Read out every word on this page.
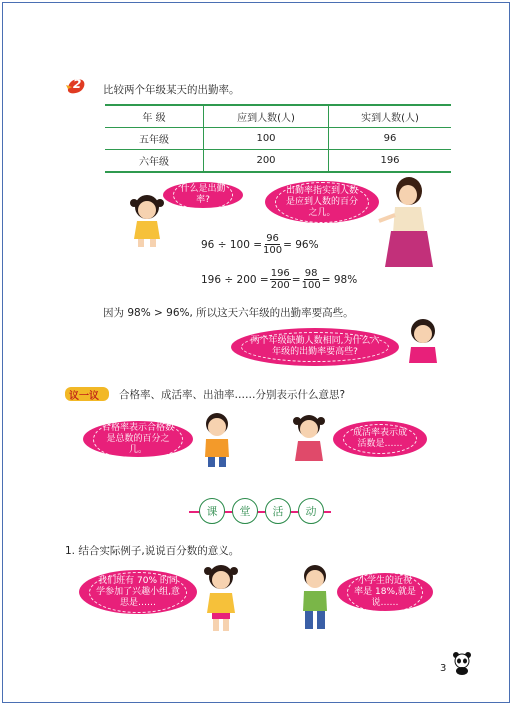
2 比较两个年级某天的出勤率。
年 级	应到人数(人)	实到人数(人)
五年级	100	96
六年级	200	196
什么是出勤率?
出勤率指实到人数是应到人数的百分之几。
$96 \div 100 = \frac{96}{100} = 96\%$
$196 \div 200 = \frac{196}{200} = \frac{98}{100} = 98\%$
因为 98% > 96%, 所以这天六年级的出勤率要高些。
两个年级缺勤人数相同,为什么六年级的出勤率要高些?
议一议 合格率、成活率、出油率……分别表示什么意思?
合格率表示合格数是总数的百分之几。
成活率表示成活数是……
课	堂	活	动
1. 结合实际例子,说说百分数的意义。
我们班有 70% 的同学参加了兴趣小组,意思是……
小学生的近视率是 18%,就是说……
3
